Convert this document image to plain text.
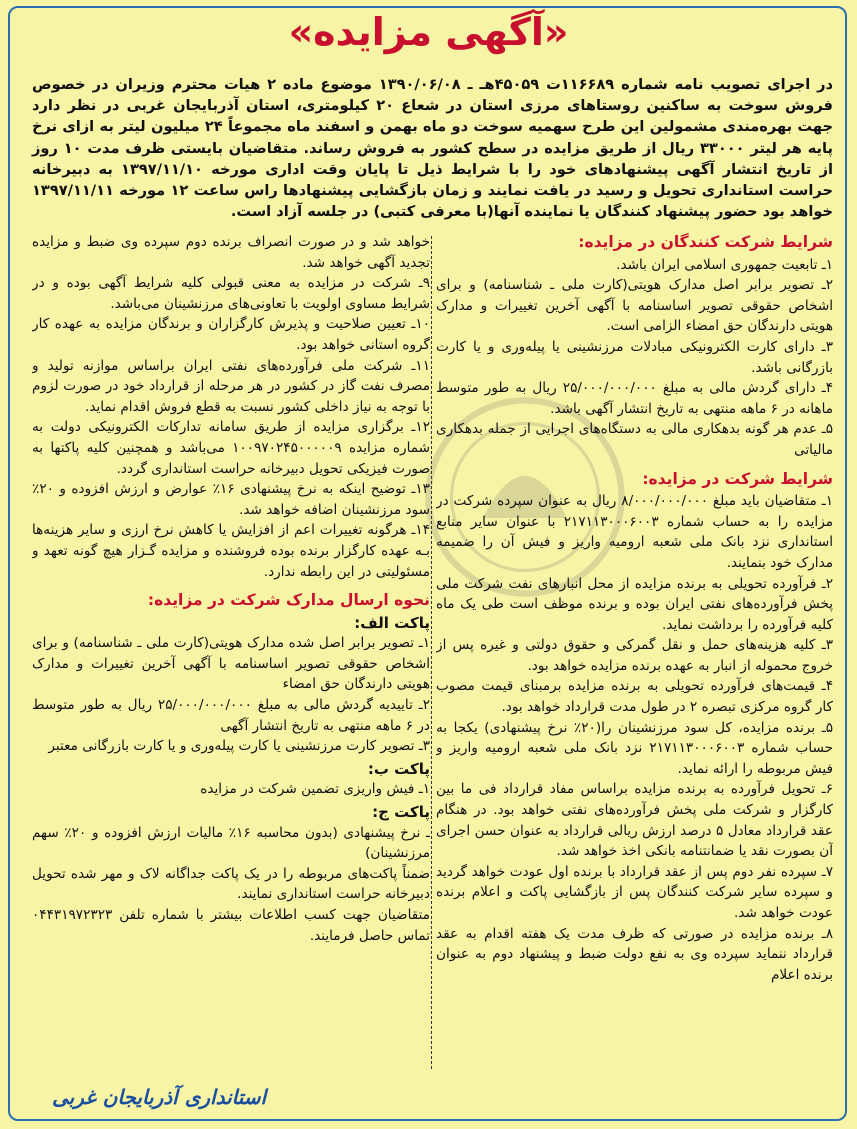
«آگهی مزایده»

در اجرای تصویب نامه شماره ۱۱۶۶۸۹ت ۴۵۰۵۹هـ ـ ۱۳۹۰/۰۶/۰۸ موضوع ماده ۲ هیات محترم وزیران در خصوص فروش سوخت به ساکنین روستاهای مرزی استان در شعاع ۲۰ کیلومتری، استان آذربایجان غربی در نظر دارد جهت بهره‌مندی مشمولین این طرح سهمیه سوخت دو ماه بهمن و اسفند ماه مجموعاً ۲۴ میلیون لیتر به ازای نرخ پایه هر لیتر ۳۳۰۰۰ ریال از طریق مزایده در سطح کشور به فروش رساند. متقاضیان بایستی ظرف مدت ۱۰ روز از تاریخ انتشار آگهی پیشنهادهای خود را با شرایط ذیل تا پایان وقت اداری مورخه ۱۳۹۷/۱۱/۱۰ به دبیرخانه حراست استانداری تحویل و رسید در یافت نمایند و زمان بازگشایی پیشنهادها راس ساعت ۱۲ مورخه ۱۳۹۷/۱۱/۱۱ خواهد بود حضور پیشنهاد کنندگان یا نماینده آنها(با معرفی کتبی) در جلسه آزاد است.

شرایط شرکت کنندگان در مزایده:

۱ـ تابعیت جمهوری اسلامی ایران باشد.

۲ـ تصویر برابر اصل مدارک هویتی(کارت ملی ـ شناسنامه) و برای اشخاص حقوقی تصویر اساسنامه با آگهی آخرین تغییرات و مدارک هویتی دارندگان حق امضاء الزامی است.

۳ـ دارای کارت الکترونیکی مبادلات مرزنشینی یا پیله‌وری و یا کارت بازرگانی باشد.

۴ـ دارای گردش مالی به مبلغ ۲۵/۰۰۰/۰۰۰/۰۰۰ ریال به طور متوسط ماهانه در ۶ ماهه منتهی به تاریخ انتشار آگهی باشد.

۵ـ عدم هر گونه بدهکاری مالی به دستگاه‌های اجرایی از جمله بدهکاری مالیاتی

شرایط شرکت در مزایده:

۱ـ متقاضیان باید مبلغ ۸/۰۰۰/۰۰۰/۰۰۰ ریال به عنوان سپرده شرکت در مزایده را به حساب شماره ۲۱۷۱۱۳۰۰۰۶۰۰۳ با عنوان سایر منابع استانداری نزد بانک ملی شعبه ارومیه واریز و فیش آن را ضمیمه مدارک خود بنمایند.

۲ـ فرآورده تحویلی به برنده مزایده از محل انبارهای نفت شرکت ملی پخش فرآورده‌های نفتی ایران بوده و برنده موظف است طی یک ماه کلیه فرآورده را برداشت نماید.

۳ـ کلیه هزینه‌های حمل و نقل گمرکی و حقوق دولتی و غیره پس از خروج محموله از انبار به عهده برنده مزایده خواهد بود.

۴ـ قیمت‌های فرآورده تحویلی به برنده مزایده برمبنای قیمت مصوب کار گروه مرکزی تبصره ۲ در طول مدت قرارداد خواهد بود.

۵ـ برنده مزایده، کل سود مرزنشینان را(۲۰٪ نرخ پیشنهادی) یکجا به حساب شماره ۲۱۷۱۱۳۰۰۰۶۰۰۳ نزد بانک ملی شعبه ارومیه واریز و فیش مربوطه را ارائه نماید.

۶ـ تحویل فرآورده به برنده مزایده براساس مفاد قرارداد فی ما بین کارگزار و شرکت ملی پخش فرآورده‌های نفتی خواهد بود. در هنگام عقد قرارداد معادل ۵ درصد ارزش ریالی قرارداد به عنوان حسن اجرای آن بصورت نقد یا ضمانتنامه بانکی اخذ خواهد شد.

۷ـ سپرده نفر دوم پس از عقد قرارداد با برنده اول عودت خواهد گردید و سپرده سایر شرکت کنندگان پس از بازگشایی پاکت و اعلام برنده عودت خواهد شد.

۸ـ برنده مزایده در صورتی که ظرف مدت یک هفته اقدام به عقد قرارداد ننماید سپرده وی به نفع دولت ضبط و پیشنهاد دوم به عنوان برنده اعلام

خواهد شد و در صورت انصراف برنده دوم سپرده وی ضبط و مزایده تجدید آگهی خواهد شد.

۹ـ شرکت در مزایده به معنی قبولی کلیه شرایط آگهی بوده و در شرایط مساوی اولویت با تعاونی‌های مرزنشینان می‌باشد.

۱۰ـ تعیین صلاحیت و پذیرش کارگزاران و برندگان مزایده به عهده کار گروه استانی خواهد بود.

۱۱ـ شرکت ملی فرآورده‌های نفتی ایران براساس موازنه تولید و مصرف نفت گاز در کشور در هر مرحله از قرارداد خود در صورت لزوم با توجه به نیاز داخلی کشور نسبت به قطع فروش اقدام نماید.

۱۲ـ برگزاری مزایده از طریق سامانه تدارکات الکترونیکی دولت به شماره مزایده ۱۰۰۹۷۰۲۴۵۰۰۰۰۰۹ می‌باشد و همچنین کلیه پاکتها به صورت فیزیکی تحویل دبیرخانه حراست استانداری گردد.

۱۳ـ توضیح اینکه به نرخ پیشنهادی ۱۶٪ عوارض و ارزش افزوده و ۲۰٪ سود مرزنشینان اضافه خواهد شد.

۱۴ـ هرگونه تغییرات اعم از افزایش یا کاهش نرخ ارزی و سایر هزینه‌ها بـه عهده کارگزار برنده بوده فروشنده و مزایده گـزار هیچ گونه تعهد و مسئولیتی در این رابطه ندارد.

نحوه ارسال مدارک شرکت در مزایده:
پاکت الف:

۱ـ تصویر برابر اصل شده مدارک هویتی(کارت ملی ـ شناسنامه) و برای اشخاص حقوقی تصویر اساسنامه با آگهی آخرین تغییرات و مدارک هویتی دارندگان حق امضاء

۲ـ تاییدیه گردش مالی به مبلغ ۲۵/۰۰۰/۰۰۰/۰۰۰ ریال به طور متوسط در ۶ ماهه منتهی به تاریخ انتشار آگهی

۳ـ تصویر کارت مرزنشینی یا کارت پیله‌وری و یا کارت بازرگانی معتبر

پاکت ب:

۱ـ فیش واریزی تضمین شرکت در مزایده

پاکت ج:

ـ نرخ پیشنهادی (بدون محاسبه ۱۶٪ مالیات ارزش افزوده و ۲۰٪ سهم مرزنشینان)

ضمناً پاکت‌های مربوطه را در یک پاکت جداگانه لاک و مهر شده تحویل دبیرخانه حراست استانداری نمایند.

متقاضیان جهت کسب اطلاعات بیشتر با شماره تلفن ۰۴۴۳۱۹۷۲۳۲۳ تماس حاصل فرمایند.

استانداری آذربایجان غربی
